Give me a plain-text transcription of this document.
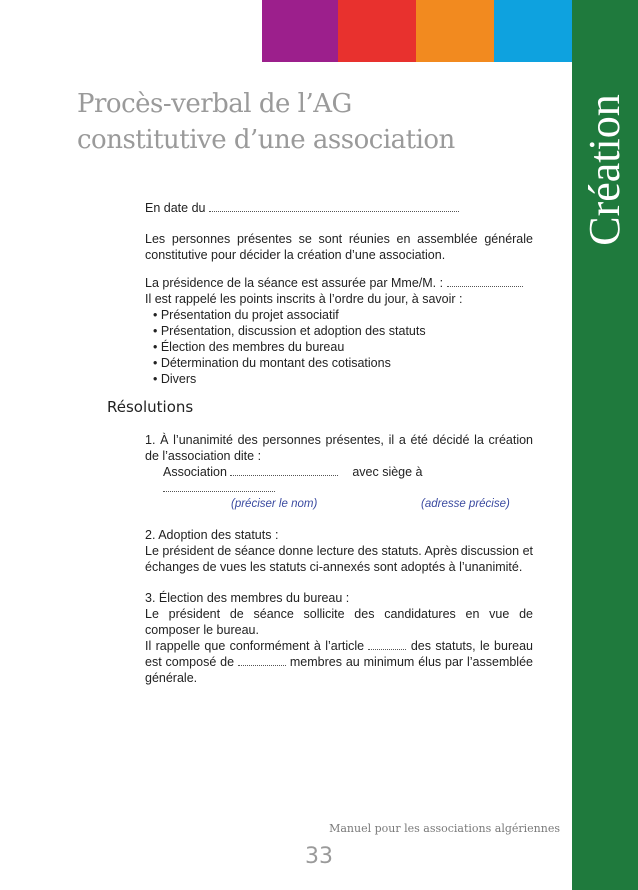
Création
Procès-verbal de l’AG
constitutive d’une association

En date du

Les personnes présentes se sont réunies en assemblée générale constitutive pour décider la création d’une association.

La présidence de la séance est assurée par Mme/M. :

Il est rappelé les points inscrits à l’ordre du jour, à savoir :

• Présentation du projet associatif
• Présentation, discussion et adoption des statuts
• Élection des membres du bureau
• Détermination du montant des cotisations
• Divers
Résolutions

1. À l’unanimité des personnes présentes, il a été décidé la création de l’association dite :

Association	avec siège à

(préciser le nom)	(adresse précise)

2. Adoption des statuts :

Le président de séance donne lecture des statuts. Après discussion et échanges de vues les statuts ci-annexés sont adoptés à l’unanimité.

3. Élection des membres du bureau :

Le président de séance sollicite des candidatures en vue de composer le bureau.

Il rappelle que conformément à l’article	des statuts, le bureau est composé de	membres au minimum élus par l’assemblée générale.

Manuel pour les associations algériennes

33
